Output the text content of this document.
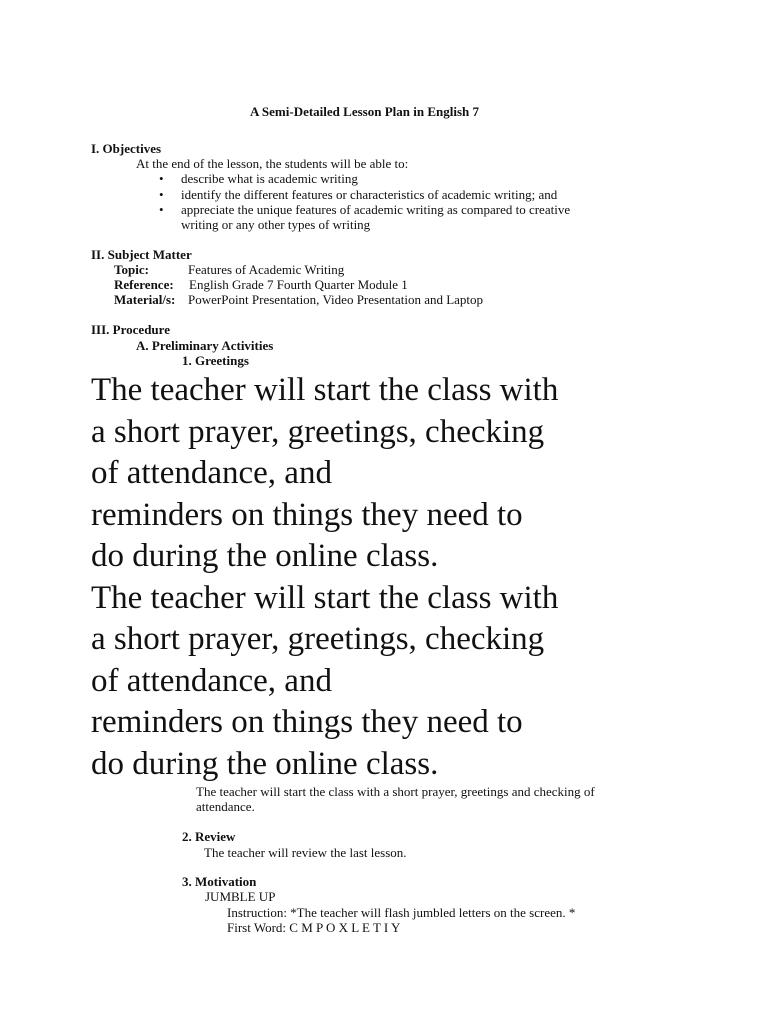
A Semi-Detailed Lesson Plan in English 7
I. Objectives
At the end of the lesson, the students will be able to:
• describe what is academic writing
• identify the different features or characteristics of academic writing; and
• appreciate the unique features of academic writing as compared to creative
writing or any other types of writing
II. Subject Matter
Topic:	Features of Academic Writing
Reference: English Grade 7 Fourth Quarter Module 1
Material/s: PowerPoint Presentation, Video Presentation and Laptop
III. Procedure
A. Preliminary Activities
1. Greetings
The teacher will start the class with
a short prayer, greetings, checking
of attendance, and
reminders on things they need to
do during the online class.
The teacher will start the class with
a short prayer, greetings, checking
of attendance, and
reminders on things they need to
do during the online class.
The teacher will start the class with a short prayer, greetings and checking of
attendance.
2. Review
The teacher will review the last lesson.
3. Motivation
JUMBLE UP
Instruction: *The teacher will flash jumbled letters on the screen. *
First Word: C M P O X L E T I Y
